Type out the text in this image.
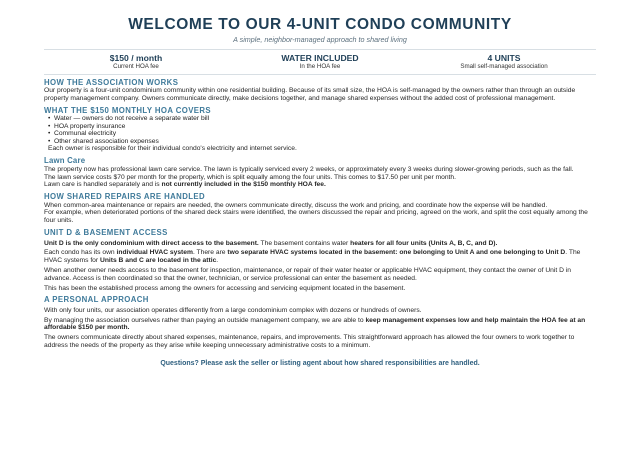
WELCOME TO OUR 4-UNIT CONDO COMMUNITY
A simple, neighbor-managed approach to shared living
$150 / month
Current HOA fee
WATER INCLUDED
In the HOA fee
4 UNITS
Small self-managed association
HOW THE ASSOCIATION WORKS

Our property is a four-unit condominium community within one residential building. Because of its small size, the HOA is self-managed by the owners rather than through an outside property management company. Owners communicate directly, make decisions together, and manage shared expenses without the added cost of professional management.

WHAT THE $150 MONTHLY HOA COVERS
• Water — owners do not receive a separate water bill
• HOA property insurance
• Communal electricity
• Other shared association expenses

Each owner is responsible for their individual condo's electricity and internet service.

Lawn Care

The property now has professional lawn care service. The lawn is typically serviced every 2 weeks, or approximately every 3 weeks during slower-growing periods, such as the fall.

The lawn service costs $70 per month for the property, which is split equally among the four units. This comes to $17.50 per unit per month.

Lawn care is handled separately and is not currently included in the $150 monthly HOA fee.

HOW SHARED REPAIRS ARE HANDLED

When common-area maintenance or repairs are needed, the owners communicate directly, discuss the work and pricing, and coordinate how the expense will be handled.

For example, when deteriorated portions of the shared deck stairs were identified, the owners discussed the repair and pricing, agreed on the work, and split the cost equally among the four units.

UNIT D & BASEMENT ACCESS

Unit D is the only condominium with direct access to the basement. The basement contains water heaters for all four units (Units A, B, C, and D).

Each condo has its own individual HVAC system. There are two separate HVAC systems located in the basement: one belonging to Unit A and one belonging to Unit D. The HVAC systems for Units B and C are located in the attic.

When another owner needs access to the basement for inspection, maintenance, or repair of their water heater or applicable HVAC equipment, they contact the owner of Unit D in advance. Access is then coordinated so that the owner, technician, or service professional can enter the basement as needed.

This has been the established process among the owners for accessing and servicing equipment located in the basement.

A PERSONAL APPROACH

With only four units, our association operates differently from a large condominium complex with dozens or hundreds of owners.

By managing the association ourselves rather than paying an outside management company, we are able to keep management expenses low and help maintain the HOA fee at an affordable $150 per month.

The owners communicate directly about shared expenses, maintenance, repairs, and improvements. This straightforward approach has allowed the four owners to work together to address the needs of the property as they arise while keeping unnecessary administrative costs to a minimum.

Questions? Please ask the seller or listing agent about how shared responsibilities are handled.
